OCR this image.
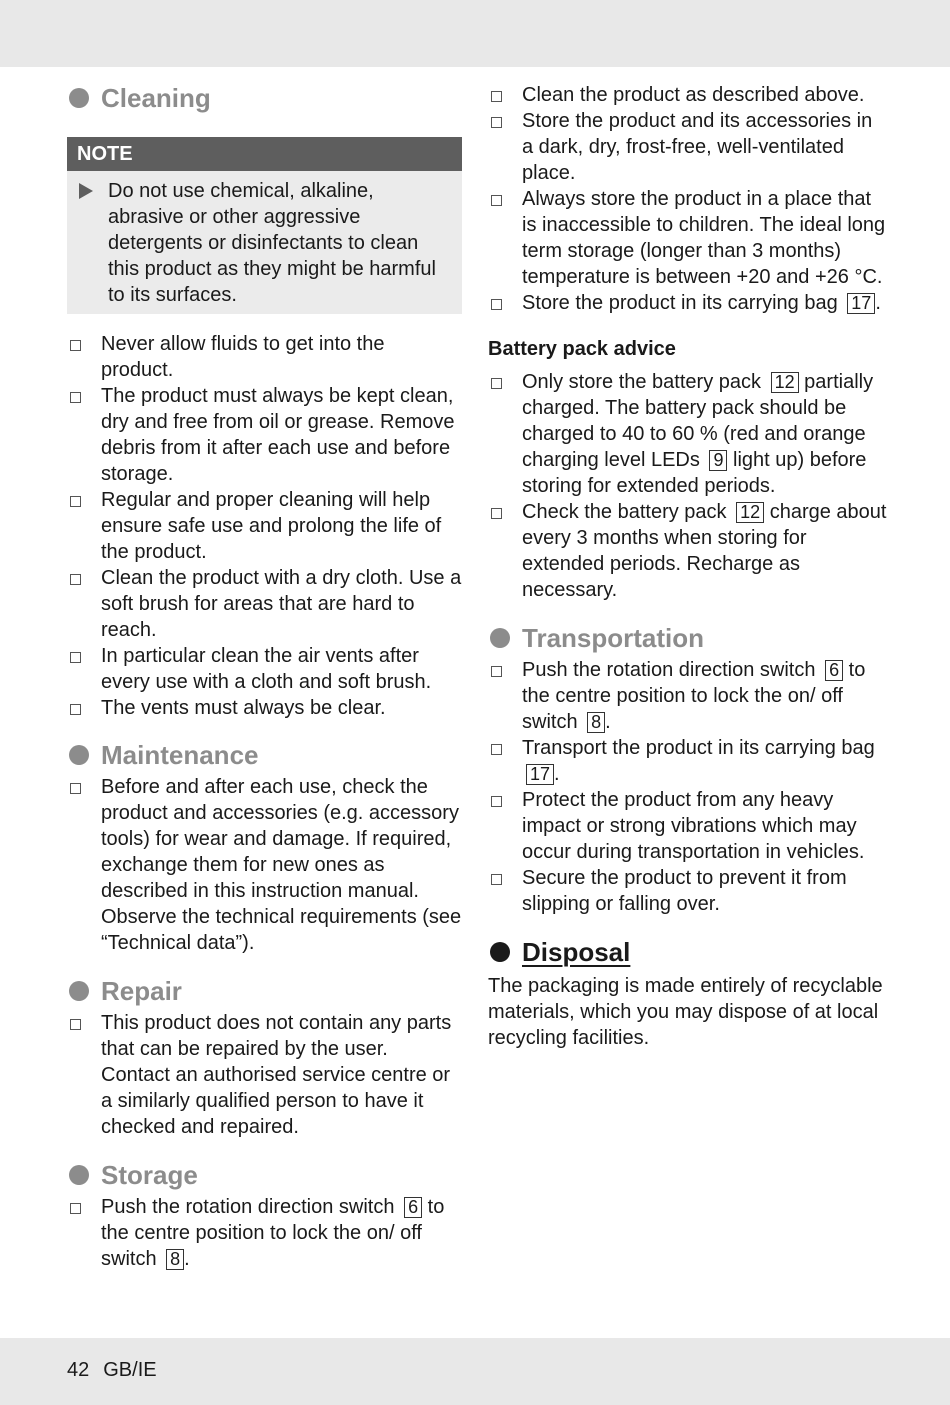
Cleaning
NOTE
Do not use chemical, alkaline, abrasive or other aggressive detergents or disinfectants to clean this product as they might be harmful to its surfaces.
Never allow fluids to get into the product.
The product must always be kept clean, dry and free from oil or grease. Remove debris from it after each use and before storage.
Regular and proper cleaning will help ensure safe use and prolong the life of the product.
Clean the product with a dry cloth. Use a soft brush for areas that are hard to reach.
In particular clean the air vents after every use with a cloth and soft brush.
The vents must always be clear.
Maintenance
Before and after each use, check the product and accessories (e.g. accessory tools) for wear and damage. If required, exchange them for new ones as described in this instruction manual. Observe the technical requirements (see “Technical data”).
Repair
This product does not contain any parts that can be repaired by the user. Contact an authorised service centre or a similarly qualified person to have it checked and repaired.
Storage
Push the rotation direction switch 6 to the centre position to lock the on/ off switch 8 .
Clean the product as described above.
Store the product and its accessories in a dark, dry, frost-free, well-ventilated place.
Always store the product in a place that is inaccessible to children. The ideal long term storage (longer than 3 months) temperature is between +20 and +26 °C.
Store the product in its carrying bag 17 .
Battery pack advice
Only store the battery pack 12 partially charged. The battery pack should be charged to 40 to 60 % (red and orange charging level LEDs 9 light up) before storing for extended periods.
Check the battery pack 12 charge about every 3 months when storing for extended periods. Recharge as necessary.
Transportation
Push the rotation direction switch 6 to the centre position to lock the on/ off switch 8 .
Transport the product in its carrying bag 17 .
Protect the product from any heavy impact or strong vibrations which may occur during transportation in vehicles.
Secure the product to prevent it from slipping or falling over.
Disposal
The packaging is made entirely of recyclable materials, which you may dispose of at local recycling facilities.
42 GB/IE
